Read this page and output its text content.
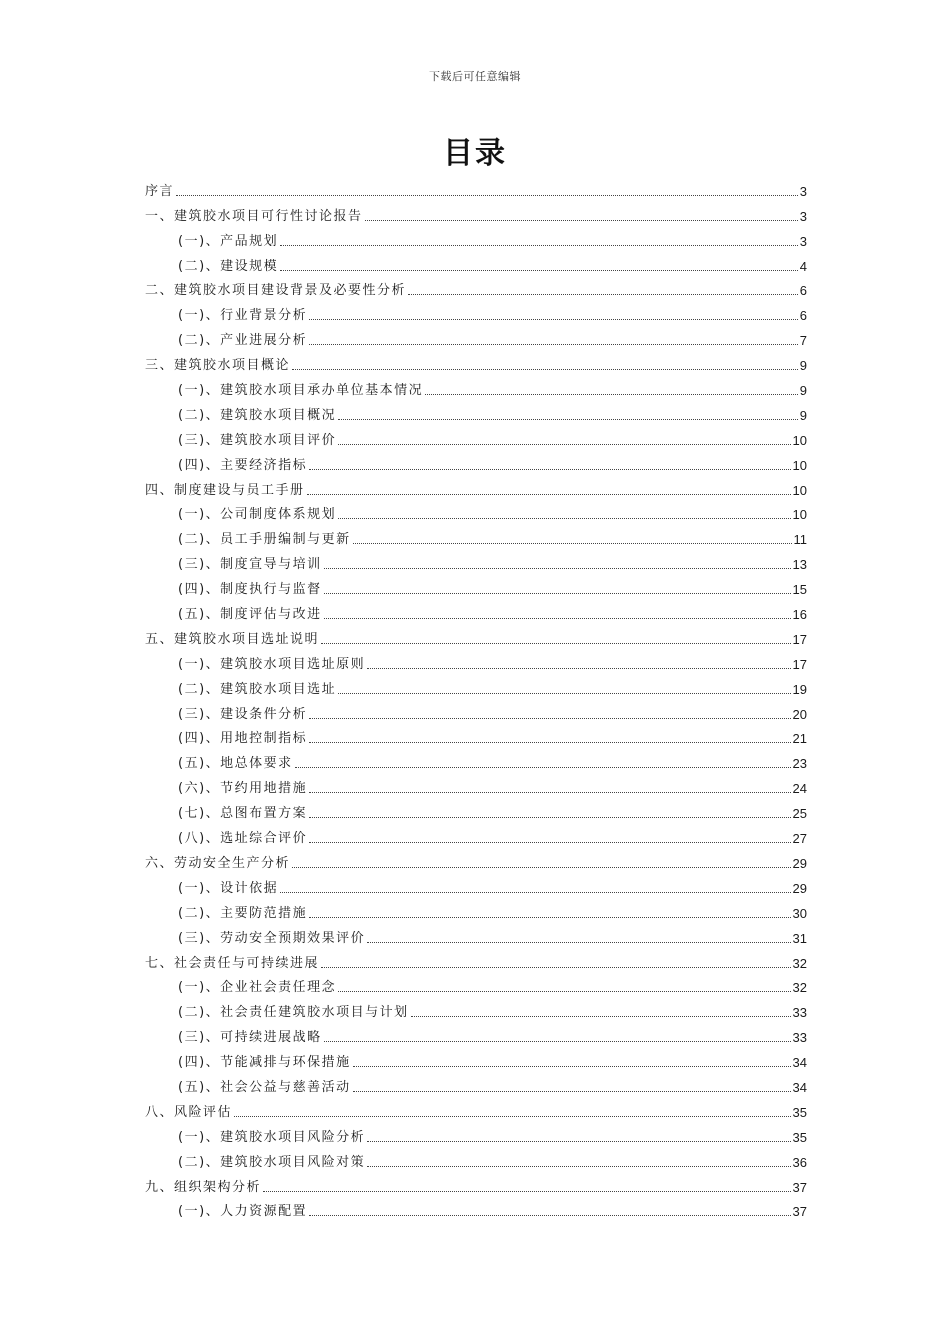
下载后可任意编辑
目录
序言	3
一、建筑胶水项目可行性讨论报告	3
(一)、产品规划	3
(二)、建设规模	4
二、建筑胶水项目建设背景及必要性分析	6
(一)、行业背景分析	6
(二)、产业进展分析	7
三、建筑胶水项目概论	9
(一)、建筑胶水项目承办单位基本情况	9
(二)、建筑胶水项目概况	9
(三)、建筑胶水项目评价	10
(四)、主要经济指标	10
四、制度建设与员工手册	10
(一)、公司制度体系规划	10
(二)、员工手册编制与更新	11
(三)、制度宣导与培训	13
(四)、制度执行与监督	15
(五)、制度评估与改进	16
五、建筑胶水项目选址说明	17
(一)、建筑胶水项目选址原则	17
(二)、建筑胶水项目选址	19
(三)、建设条件分析	20
(四)、用地控制指标	21
(五)、地总体要求	23
(六)、节约用地措施	24
(七)、总图布置方案	25
(八)、选址综合评价	27
六、劳动安全生产分析	29
(一)、设计依据	29
(二)、主要防范措施	30
(三)、劳动安全预期效果评价	31
七、社会责任与可持续进展	32
(一)、企业社会责任理念	32
(二)、社会责任建筑胶水项目与计划	33
(三)、可持续进展战略	33
(四)、节能减排与环保措施	34
(五)、社会公益与慈善活动	34
八、风险评估	35
(一)、建筑胶水项目风险分析	35
(二)、建筑胶水项目风险对策	36
九、组织架构分析	37
(一)、人力资源配置	37
